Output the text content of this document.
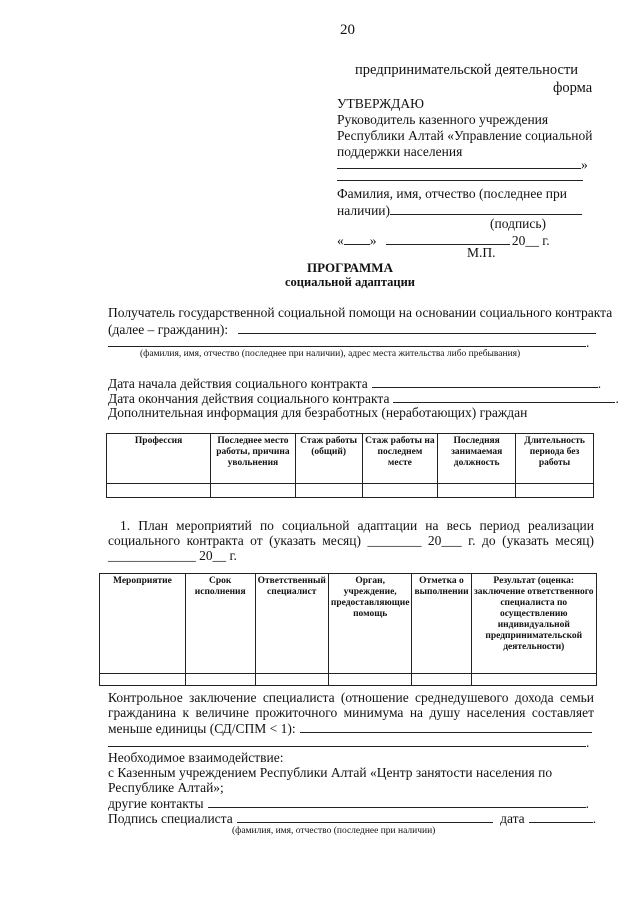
20
предпринимательской деятельности
форма
УТВЕРЖДАЮ
Руководитель казенного учреждения
Республики Алтай «Управление социальной
поддержки населения
»
Фамилия, имя, отчество (последнее при
наличии)
(подпись)
« »	20__ г.
М.П.
ПРОГРАММА
социальной адаптации
Получатель государственной социальной помощи на основании социального контракта
(далее – гражданин):
.
(фамилия, имя, отчество (последнее при наличии), адрес места жительства либо пребывания)
Дата начала действия социального контракта	.
Дата окончания действия социального контракта	.
Дополнительная информация для безработных (неработающих) граждан
Профессия	Последнее место работы, причина увольнения	Стаж работы (общий)	Стаж работы на последнем месте	Последняя занимаемая должность	Длительность периода без работы

1. План мероприятий по социальной адаптации на весь период реализации
социального контракта от (указать месяц) ________ 20___ г. до (указать месяц)
_____________ 20__ г.
Мероприятие	Срок исполнения	Ответственный специалист	Орган, учреждение, предоставляющие помощь	Отметка о выполнении	Результат (оценка: заключение ответственного специалиста по осуществлению индивидуальной предпринимательской деятельности)

Контрольное заключение специалиста (отношение среднедушевого дохода семьи
гражданина к величине прожиточного минимума на душу населения составляет
меньше единицы (СД/СПМ < 1):
.
Необходимое взаимодействие:
с Казенным учреждением Республики Алтай «Центр занятости населения по
Республике Алтай»;
другие контакты	.
Подпись специалиста	дата	.
(фамилия, имя, отчество (последнее при наличии)
